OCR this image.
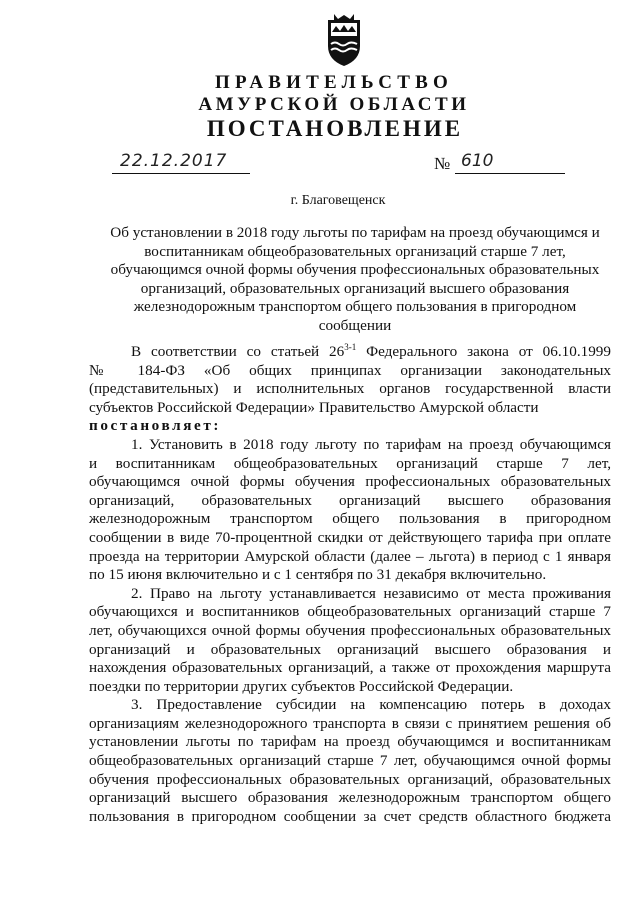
ПРАВИТЕЛЬСТВО
АМУРСКОЙ ОБЛАСТИ
ПОСТАНОВЛЕНИЕ
22.12.2017	№ 610
г. Благовещенск
Об установлении в 2018 году льготы по тарифам на проезд обучающимся и
воспитанникам общеобразовательных организаций старше 7 лет,
обучающимся очной формы обучения профессиональных образовательных
организаций, образовательных организаций высшего образования
железнодорожным транспортом общего пользования в пригородном
сообщении
В соответствии со статьей 26$^{3-1}$ Федерального закона от 06.10.1999
№ 184-ФЗ «Об общих принципах организации законодательных
(представительных) и исполнительных органов государственной власти
субъектов Российской Федерации» Правительство Амурской области
постановляет:
1. Установить в 2018 году льготу по тарифам на проезд обучающимся
и воспитанникам общеобразовательных организаций старше 7 лет,
обучающимся очной формы обучения профессиональных образовательных
организаций, образовательных организаций высшего образования
железнодорожным транспортом общего пользования в пригородном
сообщении в виде 70-процентной скидки от действующего тарифа при оплате
проезда на территории Амурской области (далее – льгота) в период с 1 января
по 15 июня включительно и с 1 сентября по 31 декабря включительно.
2. Право на льготу устанавливается независимо от места проживания
обучающихся и воспитанников общеобразовательных организаций старше 7
лет, обучающихся очной формы обучения профессиональных образовательных
организаций и образовательных организаций высшего образования и
нахождения образовательных организаций, а также от прохождения маршрута
поездки по территории других субъектов Российской Федерации.
3. Предоставление субсидии на компенсацию потерь в доходах
организациям железнодорожного транспорта в связи с принятием решения об
установлении льготы по тарифам на проезд обучающимся и воспитанникам
общеобразовательных организаций старше 7 лет, обучающимся очной формы
обучения профессиональных образовательных организаций, образовательных
организаций высшего образования железнодорожным транспортом общего
пользования в пригородном сообщении за счет средств областного бюджета
